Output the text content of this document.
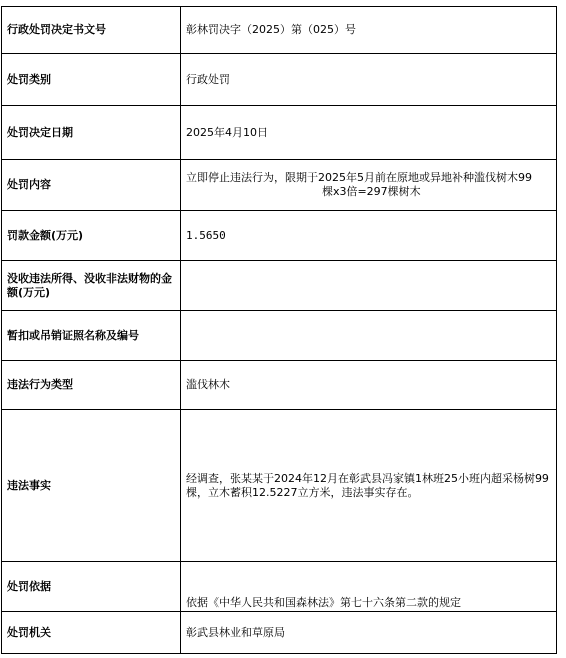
行政处罚决定书文号	彰林罚决字（2025）第（025）号
处罚类别	行政处罚
处罚决定日期	2025年4月10日
处罚内容	立即停止违法行为，限期于2025年5月前在原地或异地补种滥伐树木99
棵x3倍=297棵树木

罚款金额(万元)	1.5650
没收违法所得、没收非法财物的金额(万元)	
暂扣或吊销证照名称及编号	
违法行为类型	滥伐林木
违法事实	经调查，张某某于2024年12月在彰武县冯家镇1林班25小班内超采杨树99棵，立木蓄积12.5227立方米，违法事实存在。
处罚依据	依据《中华人民共和国森林法》第七十六条第二款的规定
处罚机关	彰武县林业和草原局
